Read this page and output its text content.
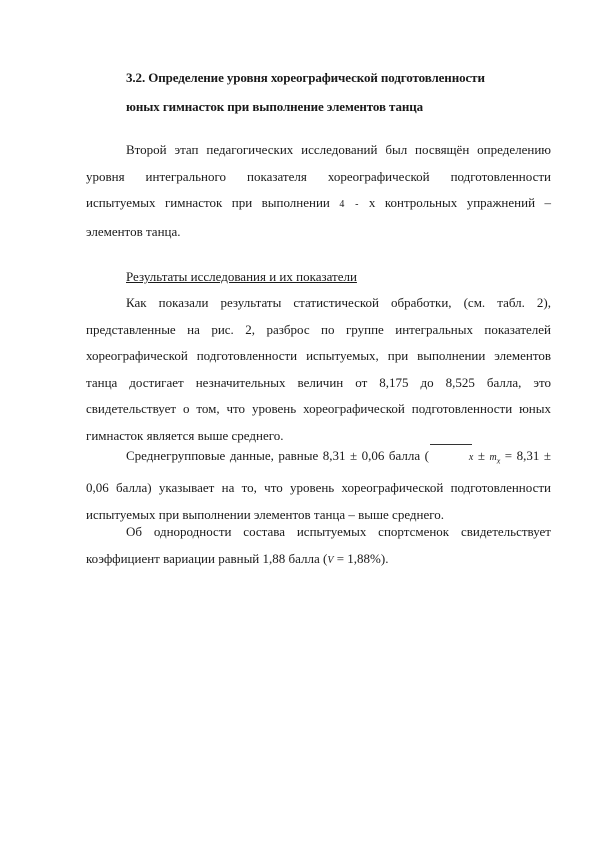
3.2. Определение уровня хореографической подготовленности
юных гимнасток при выполнение элементов танца

Второй этап педагогических исследований был посвящён определению уровня интегрального показателя хореографической подготовленности испытуемых гимнасток при выполнении 4 - х контрольных упражнений – элементов танца.

Результаты исследования и их показатели

Как показали результаты статистической обработки, (см. табл. 2), представленные на рис. 2, разброс по группе интегральных показателей хореографической подготовленности испытуемых, при выполнении элементов танца достигает незначительных величин от 8,175 до 8,525 балла, это свидетельствует о том, что уровень хореографической подготовленности юных гимнасток является выше среднего.

Среднегрупповые данные, равные 8,31 ± 0,06 балла (	$x \pm m_x = 8,31 \pm 0,06$ балла) указывает на то, что уровень хореографической подготовленности испытуемых при выполнении элементов танца – выше среднего.

Об однородности состава испытуемых спортсменок свидетельствует коэффициент вариации равный 1,88 балла (V = 1,88%).
